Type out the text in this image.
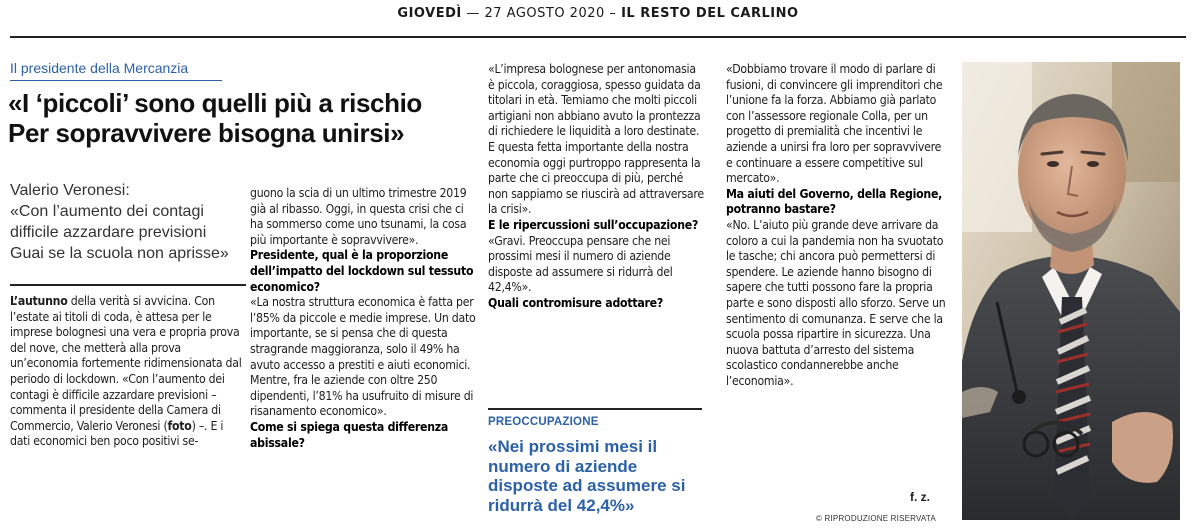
GIOVEDÌ — 27 AGOSTO 2020 – IL RESTO DEL CARLINO
Il presidente della Mercanzia
«I ‘piccoli’ sono quelli più a rischio
Per sopravvivere bisogna unirsi»
Valerio Veronesi:
«Con l’aumento dei contagi
difficile azzardare previsioni
Guai se la scuola non aprisse»

L’autunno della verità si avvicina. Con l’estate ai titoli di coda, è attesa per le imprese bolognesi una vera e propria prova del nove, che metterà alla prova un’economia fortemente ridimensionata dal periodo di lockdown. «Con l’aumento dei contagi è difficile azzardare previsioni – commenta il presidente della Camera di Commercio, Valerio Veronesi (foto) –. E i dati economici ben poco positivi se-

guono la scia di un ultimo trimestre 2019 già al ribasso. Oggi, in questa crisi che ci ha sommerso come uno tsunami, la cosa più importante è sopravvivere».

Presidente, qual è la proporzione dell’impatto del lockdown sul tessuto economico?

«La nostra struttura economica è fatta per l’85% da piccole e medie imprese. Un dato importante, se si pensa che di questa stragrande maggioranza, solo il 49% ha avuto accesso a prestiti e aiuti economici. Mentre, fra le aziende con oltre 250 dipendenti, l’81% ha usufruito di misure di risanamento economico».

Come si spiega questa differenza abissale?

«L’impresa bolognese per antonomasia è piccola, coraggiosa, spesso guidata da titolari in età. Temiamo che molti piccoli artigiani non abbiano avuto la prontezza di richiedere le liquidità a loro destinate. E questa fetta importante della nostra economia oggi purtroppo rappresenta la parte che ci preoccupa di più, perché non sappiamo se riuscirà ad attraversare la crisi».

E le ripercussioni sull’occupazione?

«Gravi. Preoccupa pensare che nei prossimi mesi il numero di aziende disposte ad assumere si ridurrà del 42,4%».

Quali contromisure adottare?

PREOCCUPAZIONE
«Nei prossimi mesi il numero di aziende disposte ad assumere si ridurrà del 42,4%»

«Dobbiamo trovare il modo di parlare di fusioni, di convincere gli imprenditori che l’unione fa la forza. Abbiamo già parlato con l’assessore regionale Colla, per un progetto di premialità che incentivi le aziende a unirsi fra loro per sopravvivere e continuare a essere competitive sul mercato».

Ma aiuti del Governo, della Regione, potranno bastare?

«No. L’aiuto più grande deve arrivare da coloro a cui la pandemia non ha svuotato le tasche; chi ancora può permettersi di spendere. Le aziende hanno bisogno di sapere che tutti possono fare la propria parte e sono disposti allo sforzo. Serve un sentimento di comunanza. E serve che la scuola possa ripartire in sicurezza. Una nuova battuta d’arresto del sistema scolastico condannerebbe anche l’economia».

f. z.
© RIPRODUZIONE RISERVATA
